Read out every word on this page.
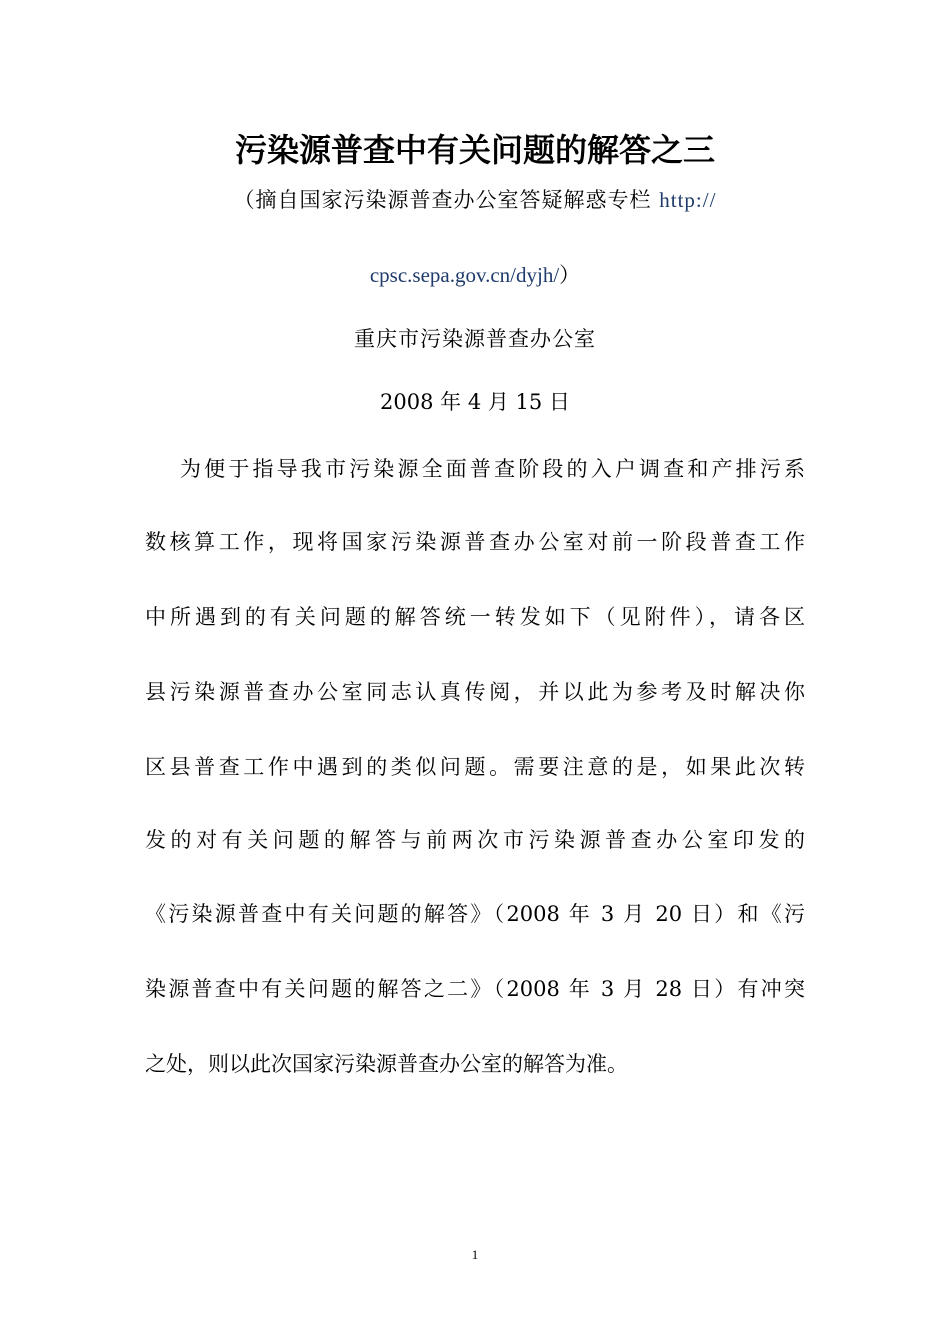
污染源普查中有关问题的解答之三
（摘自国家污染源普查办公室答疑解惑专栏 http://
cpsc.sepa.gov.cn/dyjh/）
重庆市污染源普查办公室
2008 年 4 月 15 日
为便于指导我市污染源全面普查阶段的入户调查和产排污系
数核算工作，现将国家污染源普查办公室对前一阶段普查工作
中所遇到的有关问题的解答统一转发如下（见附件），请各区
县污染源普查办公室同志认真传阅，并以此为参考及时解决你
区县普查工作中遇到的类似问题。需要注意的是，如果此次转
发的对有关问题的解答与前两次市污染源普查办公室印发的
《污染源普查中有关问题的解答》（2008 年 3 月 20 日）和《污
染源普查中有关问题的解答之二》（2008 年 3 月 28 日）有冲突
之处，则以此次国家污染源普查办公室的解答为准。
1
